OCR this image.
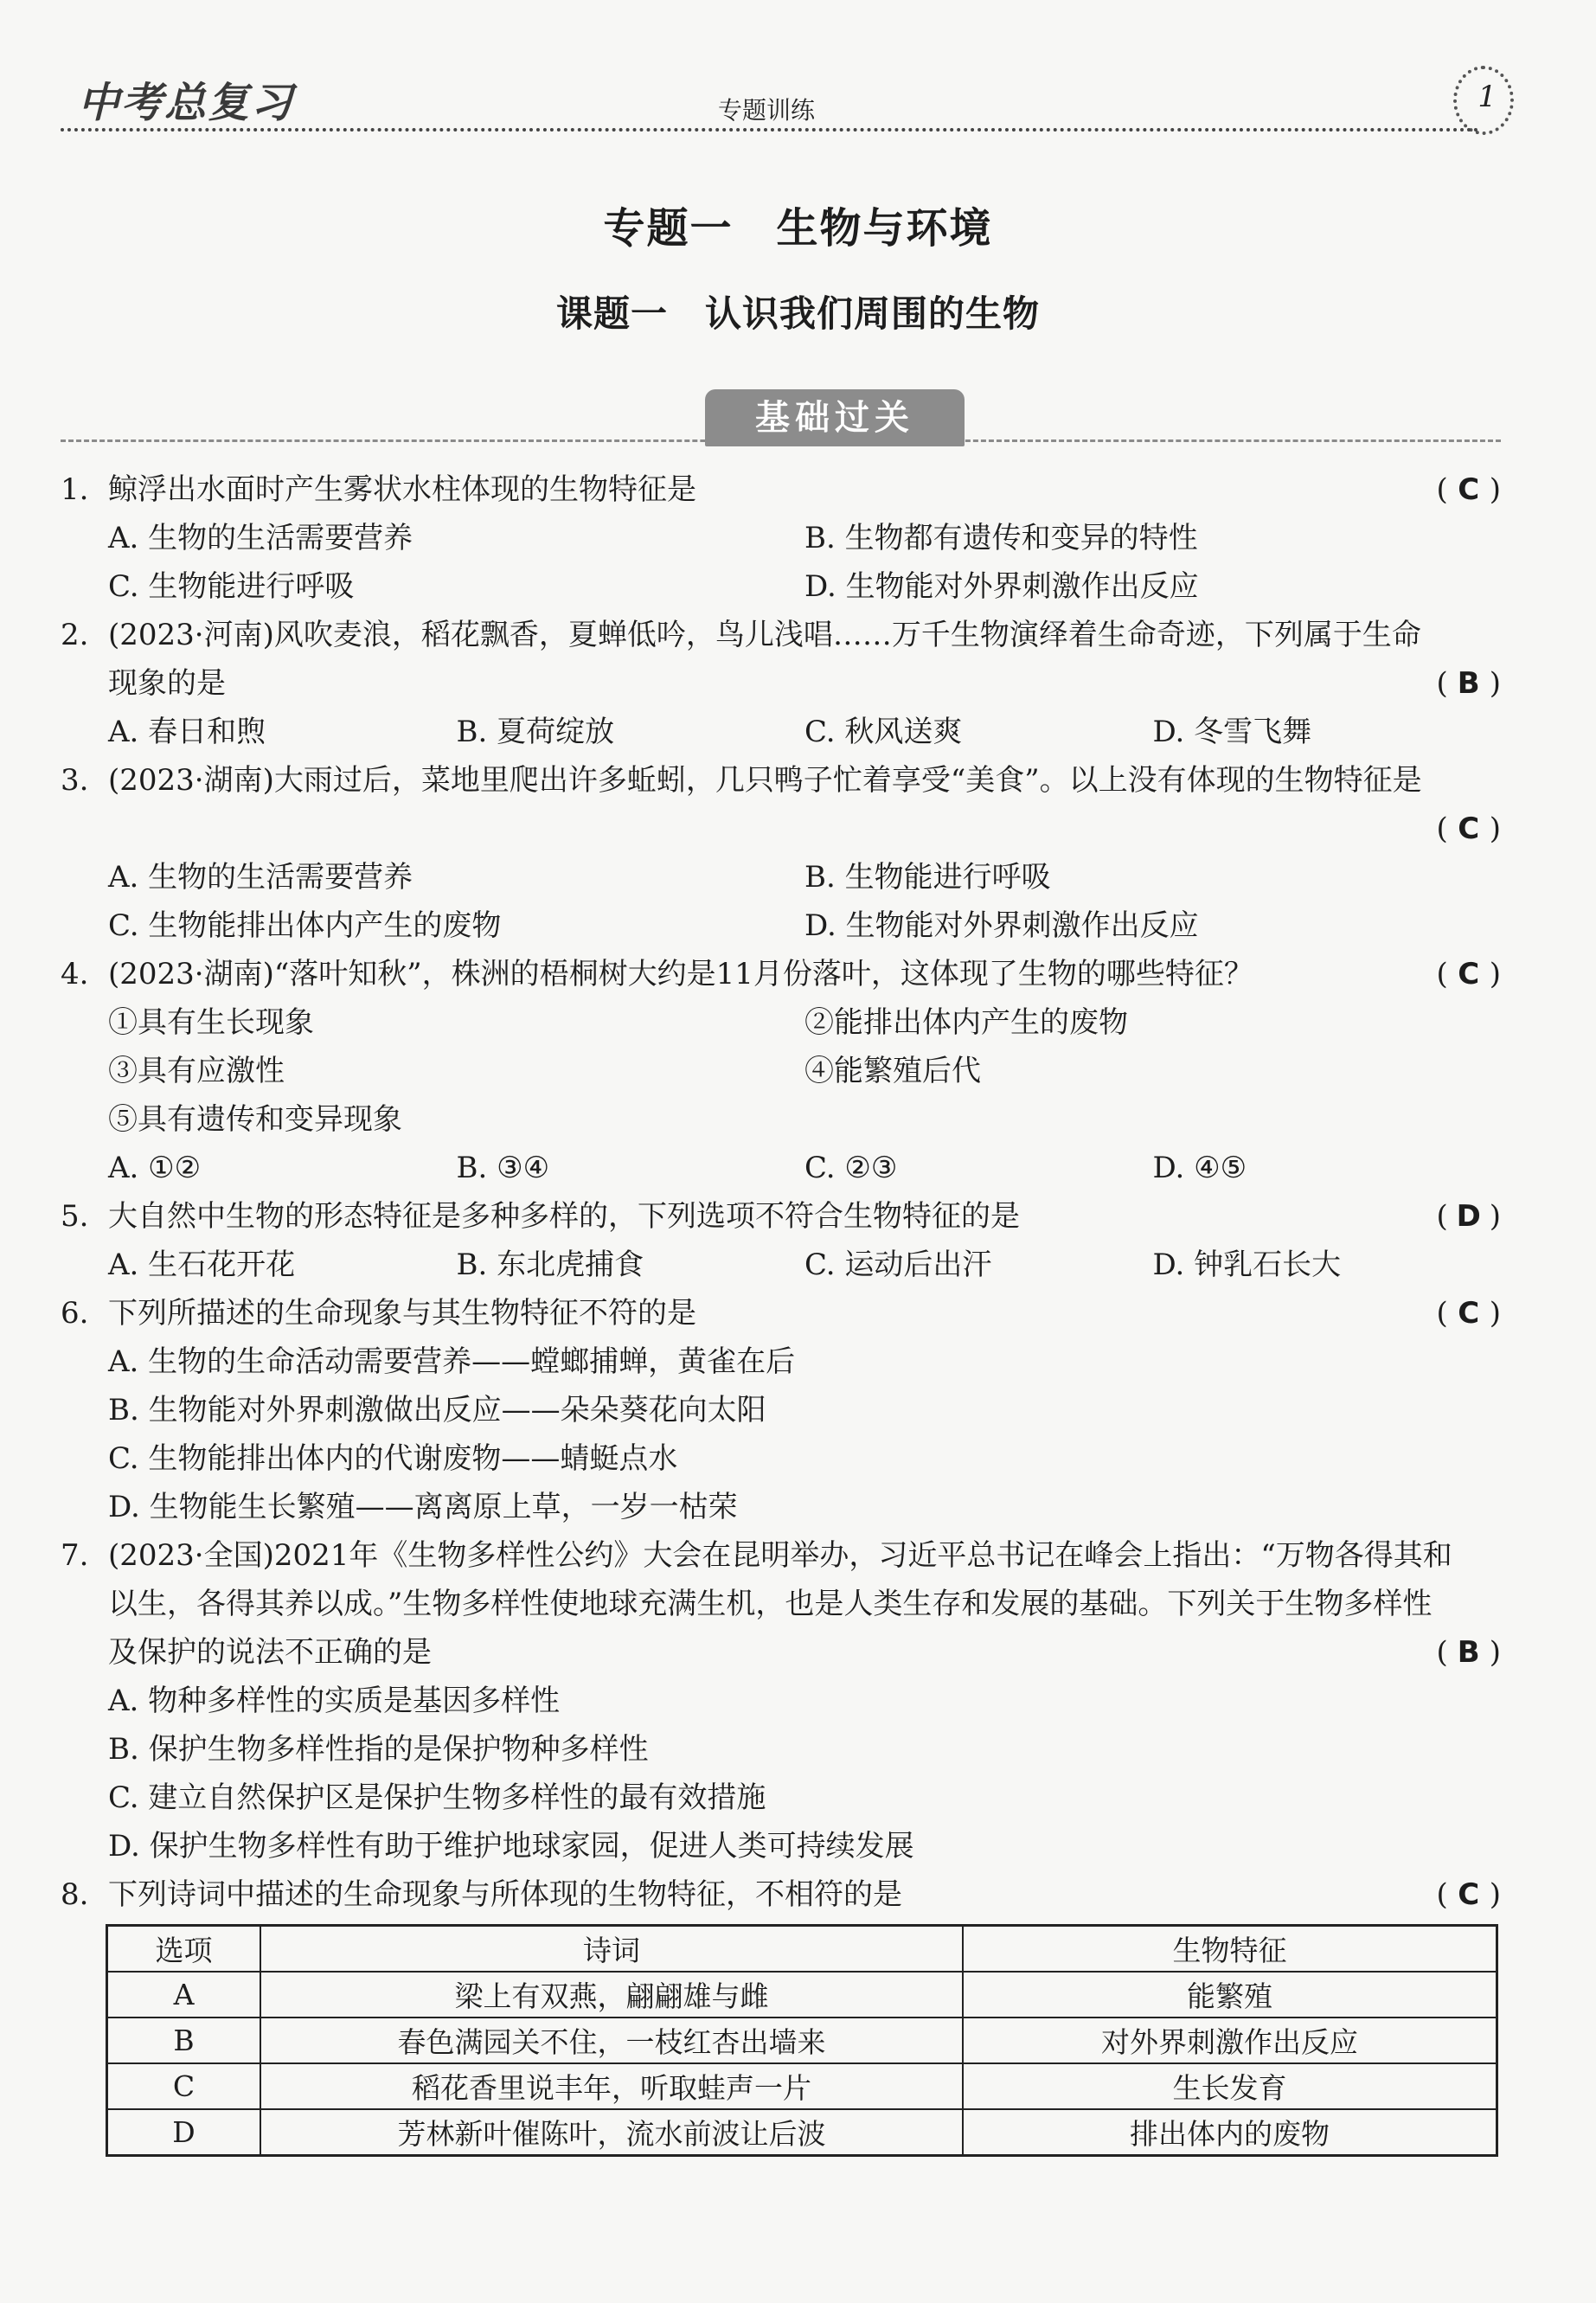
中考总复习	专题训练	1
专题一　生物与环境
课题一　认识我们周围的生物
基础过关
1. 鲸浮出水面时产生雾状水柱体现的生物特征是	( C )
A. 生物的生活需要营养	B. 生物都有遗传和变异的特性
C. 生物能进行呼吸	D. 生物能对外界刺激作出反应
2. (2023·河南)风吹麦浪，稻花飘香，夏蝉低吟，鸟儿浅唱……万千生物演绎着生命奇迹，下列属于生命
现象的是	( B )
A. 春日和煦	B. 夏荷绽放	C. 秋风送爽	D. 冬雪飞舞
3. (2023·湖南)大雨过后，菜地里爬出许多蚯蚓，几只鸭子忙着享受“美食”。以上没有体现的生物特征是
( C )
A. 生物的生活需要营养	B. 生物能进行呼吸
C. 生物能排出体内产生的废物	D. 生物能对外界刺激作出反应
4. (2023·湖南)“落叶知秋”，株洲的梧桐树大约是11月份落叶，这体现了生物的哪些特征？	( C )
①具有生长现象	②能排出体内产生的废物
③具有应激性	④能繁殖后代
⑤具有遗传和变异现象
A. ①②	B. ③④	C. ②③	D. ④⑤
5. 大自然中生物的形态特征是多种多样的，下列选项不符合生物特征的是	( D )
A. 生石花开花	B. 东北虎捕食	C. 运动后出汗	D. 钟乳石长大
6. 下列所描述的生命现象与其生物特征不符的是	( C )
A. 生物的生命活动需要营养——螳螂捕蝉，黄雀在后
B. 生物能对外界刺激做出反应——朵朵葵花向太阳
C. 生物能排出体内的代谢废物——蜻蜓点水
D. 生物能生长繁殖——离离原上草，一岁一枯荣
7. (2023·全国)2021年《生物多样性公约》大会在昆明举办，习近平总书记在峰会上指出：“万物各得其和
以生，各得其养以成。”生物多样性使地球充满生机，也是人类生存和发展的基础。下列关于生物多样性
及保护的说法不正确的是	( B )
A. 物种多样性的实质是基因多样性
B. 保护生物多样性指的是保护物种多样性
C. 建立自然保护区是保护生物多样性的最有效措施
D. 保护生物多样性有助于维护地球家园，促进人类可持续发展
8. 下列诗词中描述的生命现象与所体现的生物特征，不相符的是	( C )
选项	诗词	生物特征
A	梁上有双燕，翩翩雄与雌	能繁殖
B	春色满园关不住，一枝红杏出墙来	对外界刺激作出反应
C	稻花香里说丰年，听取蛙声一片	生长发育
D	芳林新叶催陈叶，流水前波让后波	排出体内的废物
